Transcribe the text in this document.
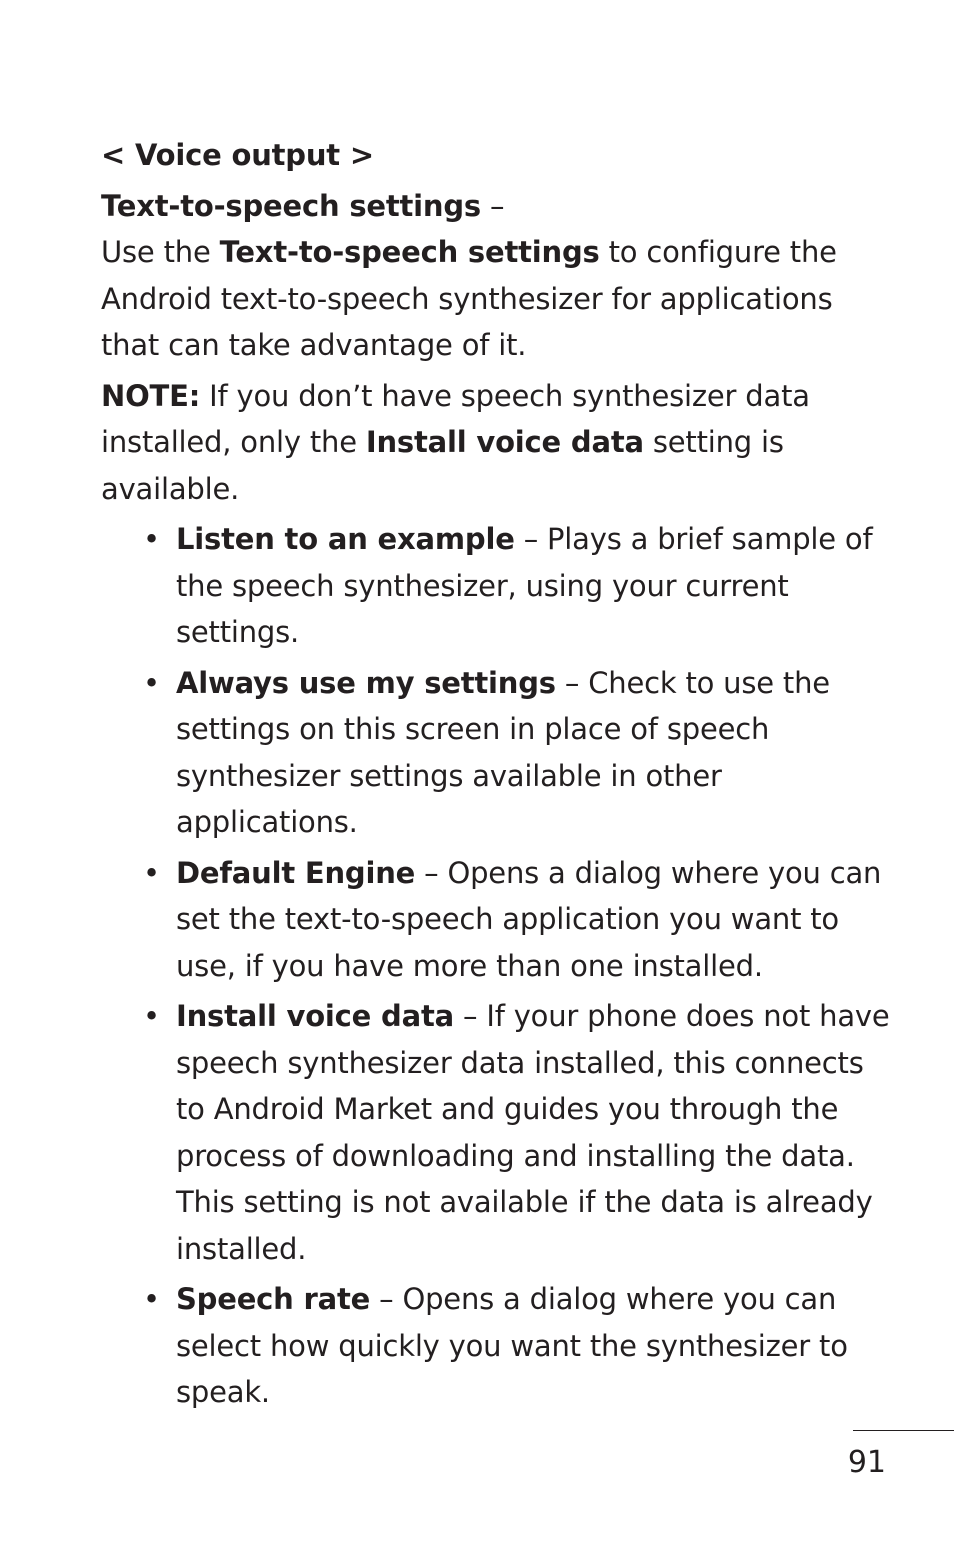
< Voice output >

Text-to-speech settings –

Use the Text-to-speech settings to configure the Android text-to-speech synthesizer for applications that can take advantage of it.

NOTE: If you don’t have speech synthesizer data installed, only the Install voice data setting is available.

• Listen to an example – Plays a brief sample of the speech synthesizer, using your current settings.
• Always use my settings – Check to use the settings on this screen in place of speech synthesizer settings available in other applications.
• Default Engine – Opens a dialog where you can set the text-to-speech application you want to use, if you have more than one installed.
• Install voice data – If your phone does not have speech synthesizer data installed, this connects to Android Market and guides you through the process of downloading and installing the data. This setting is not available if the data is already installed.
• Speech rate – Opens a dialog where you can select how quickly you want the synthesizer to speak.
91
